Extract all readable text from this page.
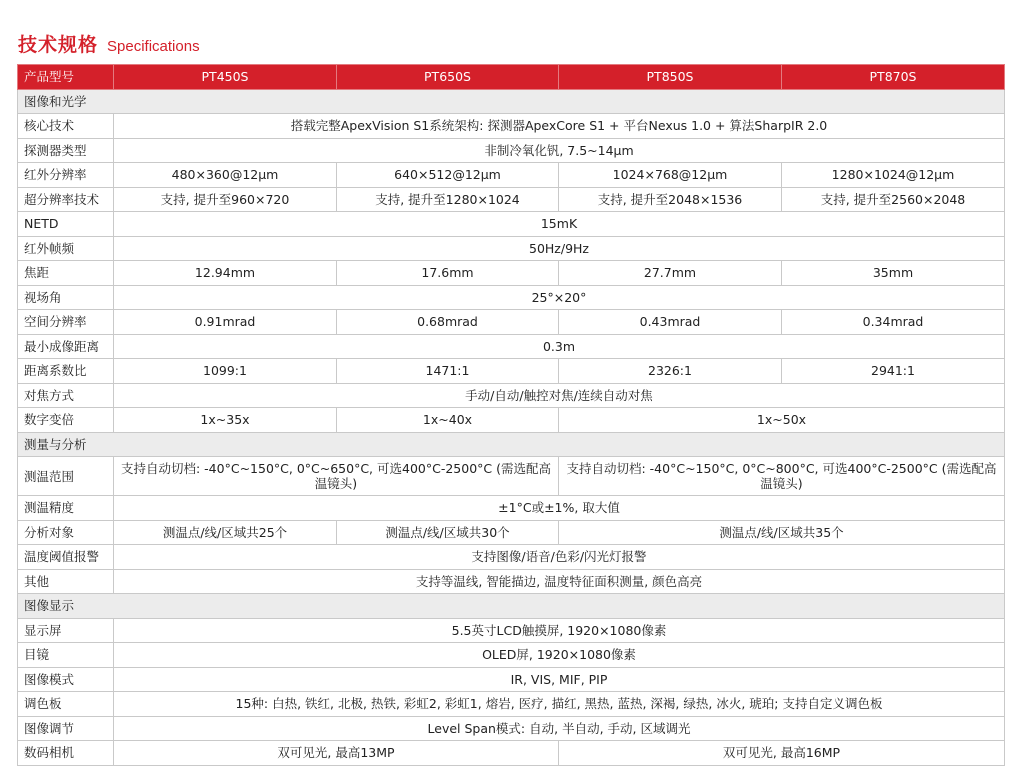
技术规格 Specifications
产品型号	PT450S	PT650S	PT850S	PT870S
图像和光学				
核心技术	搭载完整ApexVision S1系统架构: 探测器ApexCore S1 + 平台Nexus 1.0 + 算法SharpIR 2.0			
探测器类型	非制冷氧化钒, 7.5~14μm			
红外分辨率	480×360@12μm	640×512@12μm	1024×768@12μm	1280×1024@12μm
超分辨率技术	支持, 提升至960×720	支持, 提升至1280×1024	支持, 提升至2048×1536	支持, 提升至2560×2048
NETD	15mK			
红外帧频	50Hz/9Hz			
焦距	12.94mm	17.6mm	27.7mm	35mm
视场角	25°×20°			
空间分辨率	0.91mrad	0.68mrad	0.43mrad	0.34mrad
最小成像距离	0.3m			
距离系数比	1099:1	1471:1	2326:1	2941:1
对焦方式	手动/自动/触控对焦/连续自动对焦			
数字变倍	1x~35x	1x~40x	1x~50x	
测量与分析				
测温范围	支持自动切档: -40°C~150°C, 0°C~650°C, 可选400°C-2500°C (需选配高温镜头)		支持自动切档: -40°C~150°C, 0°C~800°C, 可选400°C-2500°C (需选配高温镜头)	
测温精度	±1°C或±1%, 取大值			
分析对象	测温点/线/区域共25个	测温点/线/区域共30个	测温点/线/区域共35个	
温度阈值报警	支持图像/语音/色彩/闪光灯报警			
其他	支持等温线, 智能描边, 温度特征面积测量, 颜色高亮			
图像显示				
显示屏	5.5英寸LCD触摸屏, 1920×1080像素			
目镜	OLED屏, 1920×1080像素			
图像模式	IR, VIS, MIF, PIP			
调色板	15种: 白热, 铁红, 北极, 热铁, 彩虹2, 彩虹1, 熔岩, 医疗, 描红, 黑热, 蓝热, 深褐, 绿热, 冰火, 琥珀; 支持自定义调色板			
图像调节	Level Span模式: 自动, 半自动, 手动, 区域调光			
数码相机	双可见光, 最高13MP		双可见光, 最高16MP	
